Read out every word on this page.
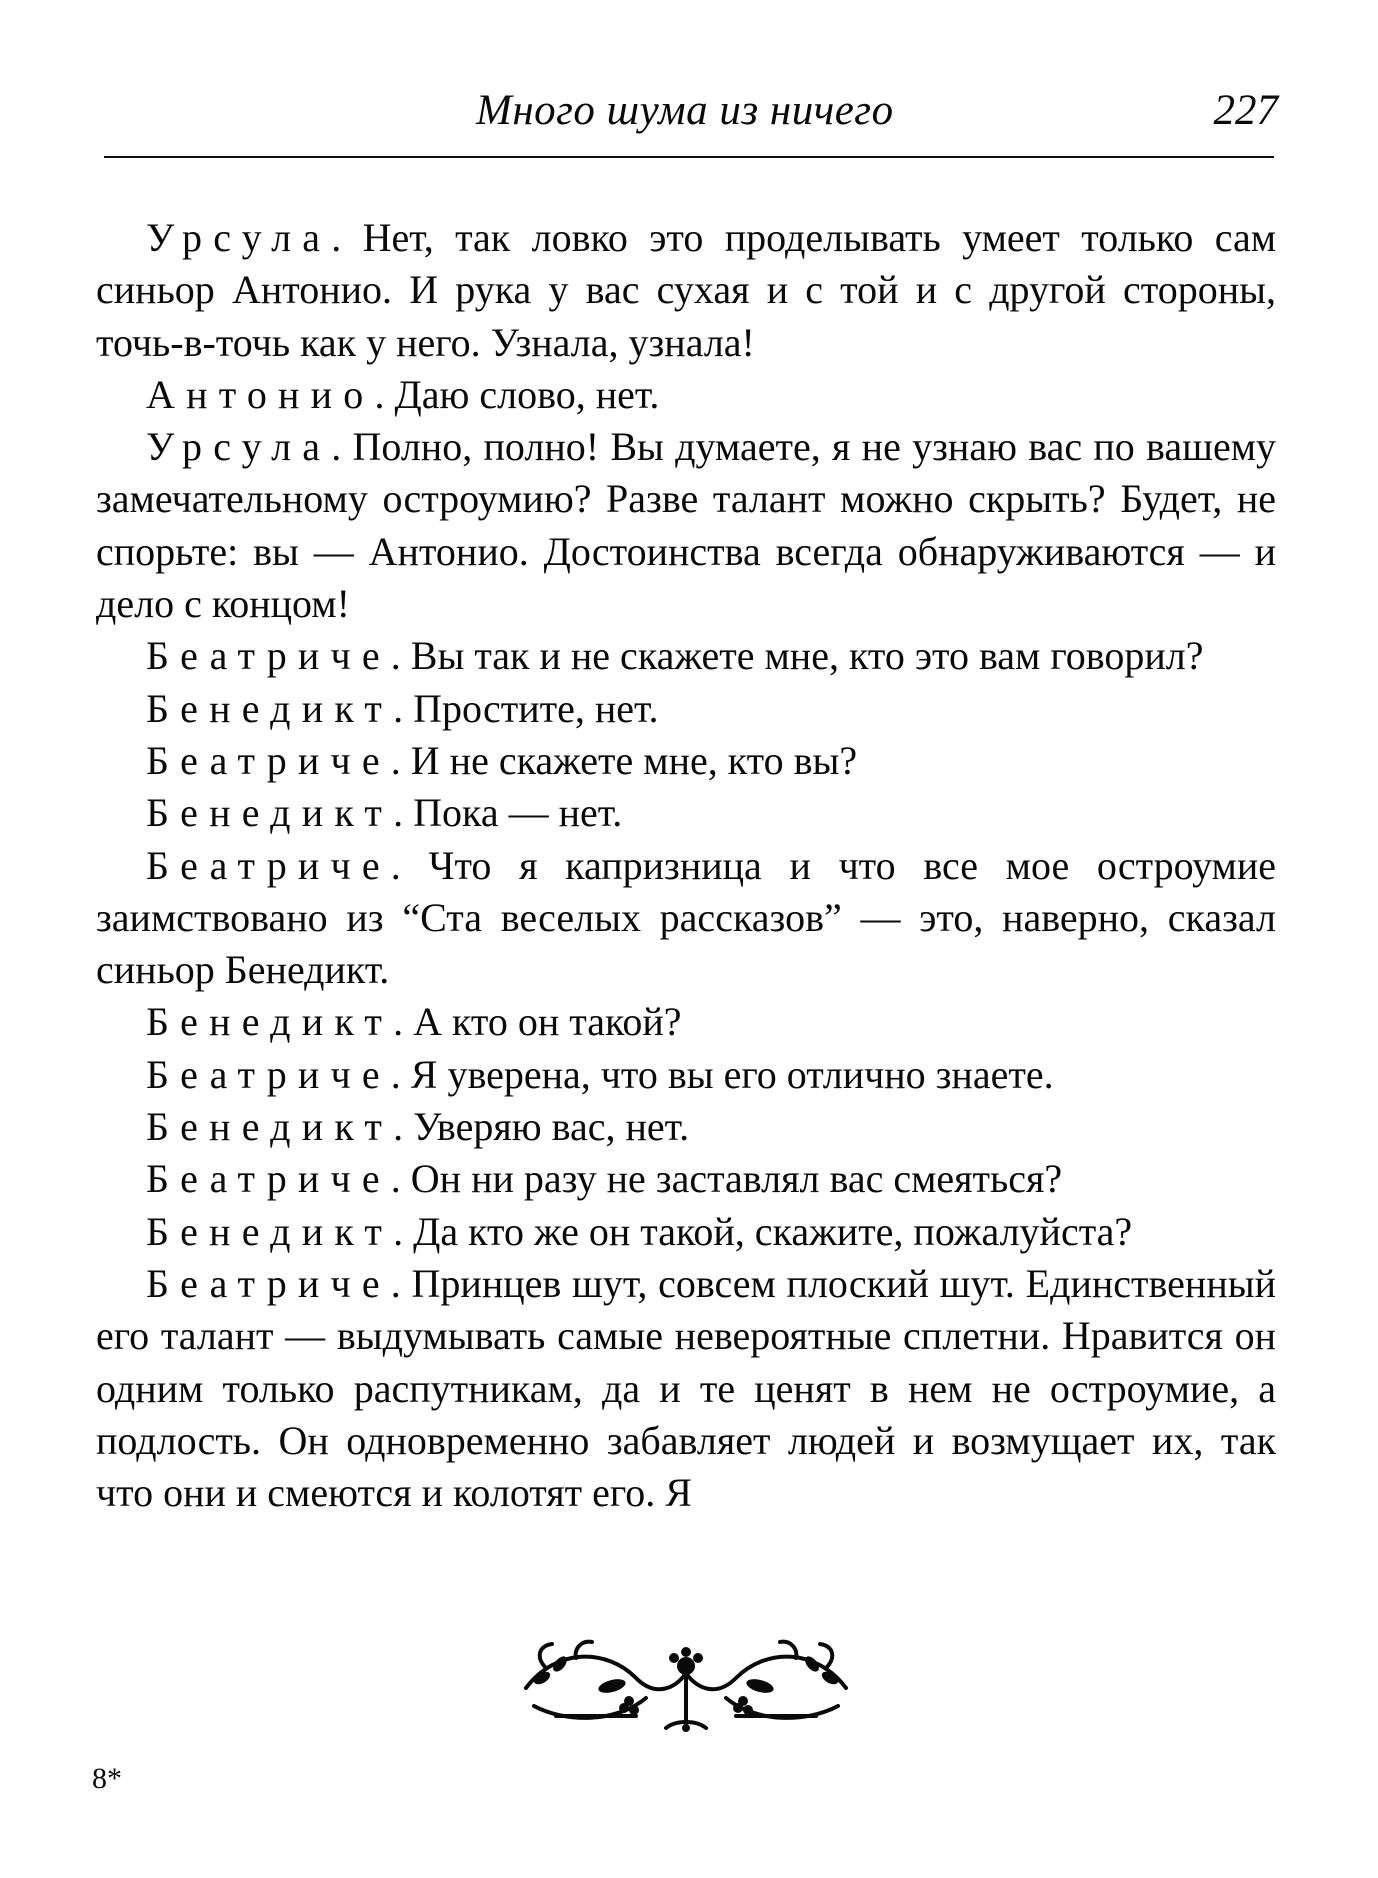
Много шума из ничего	227

Урсула. Нет, так ловко это проделывать умеет только сам синьор Антонио. И рука у вас сухая и с той и с другой стороны, точь-в-точь как у него. Узнала, узнала!

Антонио. Даю слово, нет.

Урсула. Полно, полно! Вы думаете, я не узнаю вас по вашему замечательному остроумию? Разве талант можно скрыть? Будет, не спорьте: вы — Антонио. Достоинства всегда обнаруживаются — и дело с концом!

Беатриче. Вы так и не скажете мне, кто это вам говорил?

Бенедикт. Простите, нет.

Беатриче. И не скажете мне, кто вы?

Бенедикт. Пока — нет.

Беатриче. Что я капризница и что все мое остроумие заимствовано из “Ста веселых рассказов” — это, наверно, сказал синьор Бенедикт.

Бенедикт. А кто он такой?

Беатриче. Я уверена, что вы его отлично знаете.

Бенедикт. Уверяю вас, нет.

Беатриче. Он ни разу не заставлял вас смеяться?

Бенедикт. Да кто же он такой, скажите, пожалуйста?

Беатриче. Принцев шут, совсем плоский шут. Единственный его талант — выдумывать самые невероятные сплетни. Нравится он одним только распутникам, да и те ценят в нем не остроумие, а подлость. Он одновременно забавляет людей и возмущает их, так что они и смеются и колотят его. Я

8*
